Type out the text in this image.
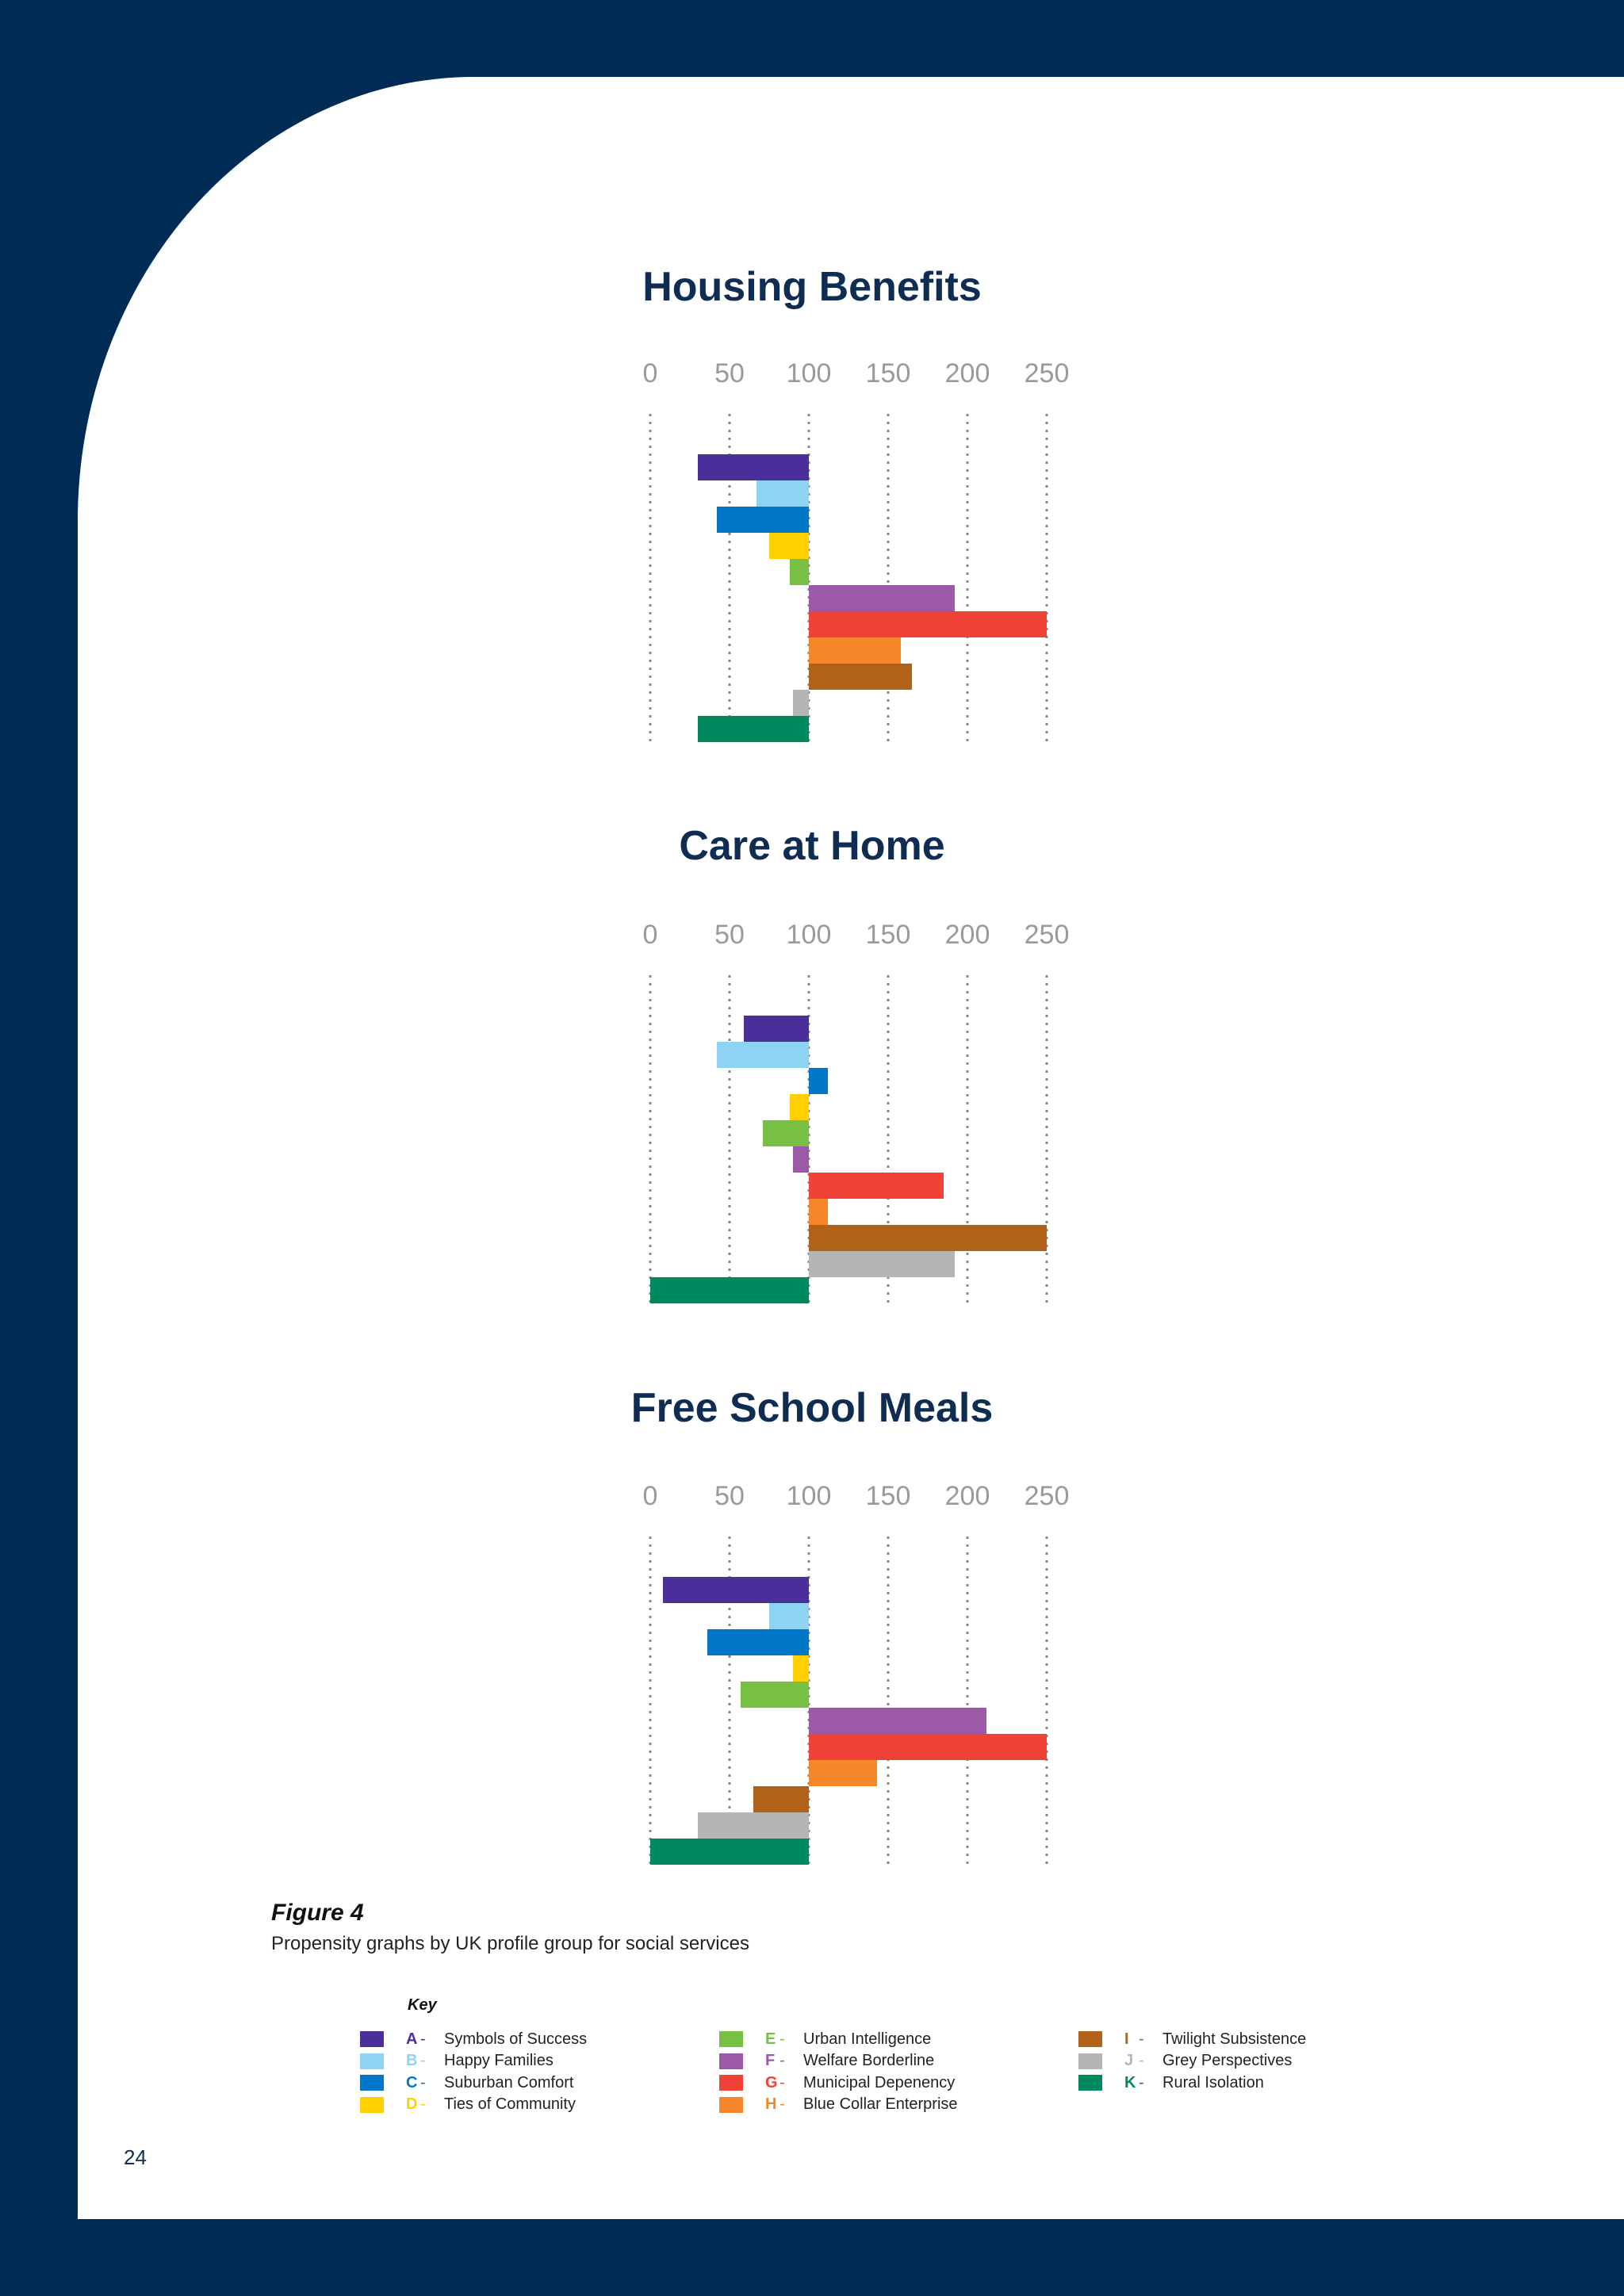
Housing Benefits
0 50 100 150 200 250
Care at Home
0 50 100 150 200 250
Free School Meals
0 50 100 150 200 250
Figure 4
Propensity graphs by UK profile group for social services
Key
A -	Symbols of Success
B -	Happy Families
C -	Suburban Comfort
D -	Ties of Community
E -	Urban Intelligence
F -	Welfare Borderline
G -	Municipal Depenency
H -	Blue Collar Enterprise
I -	Twilight Subsistence
J -	Grey Perspectives
K -	Rural Isolation
24
